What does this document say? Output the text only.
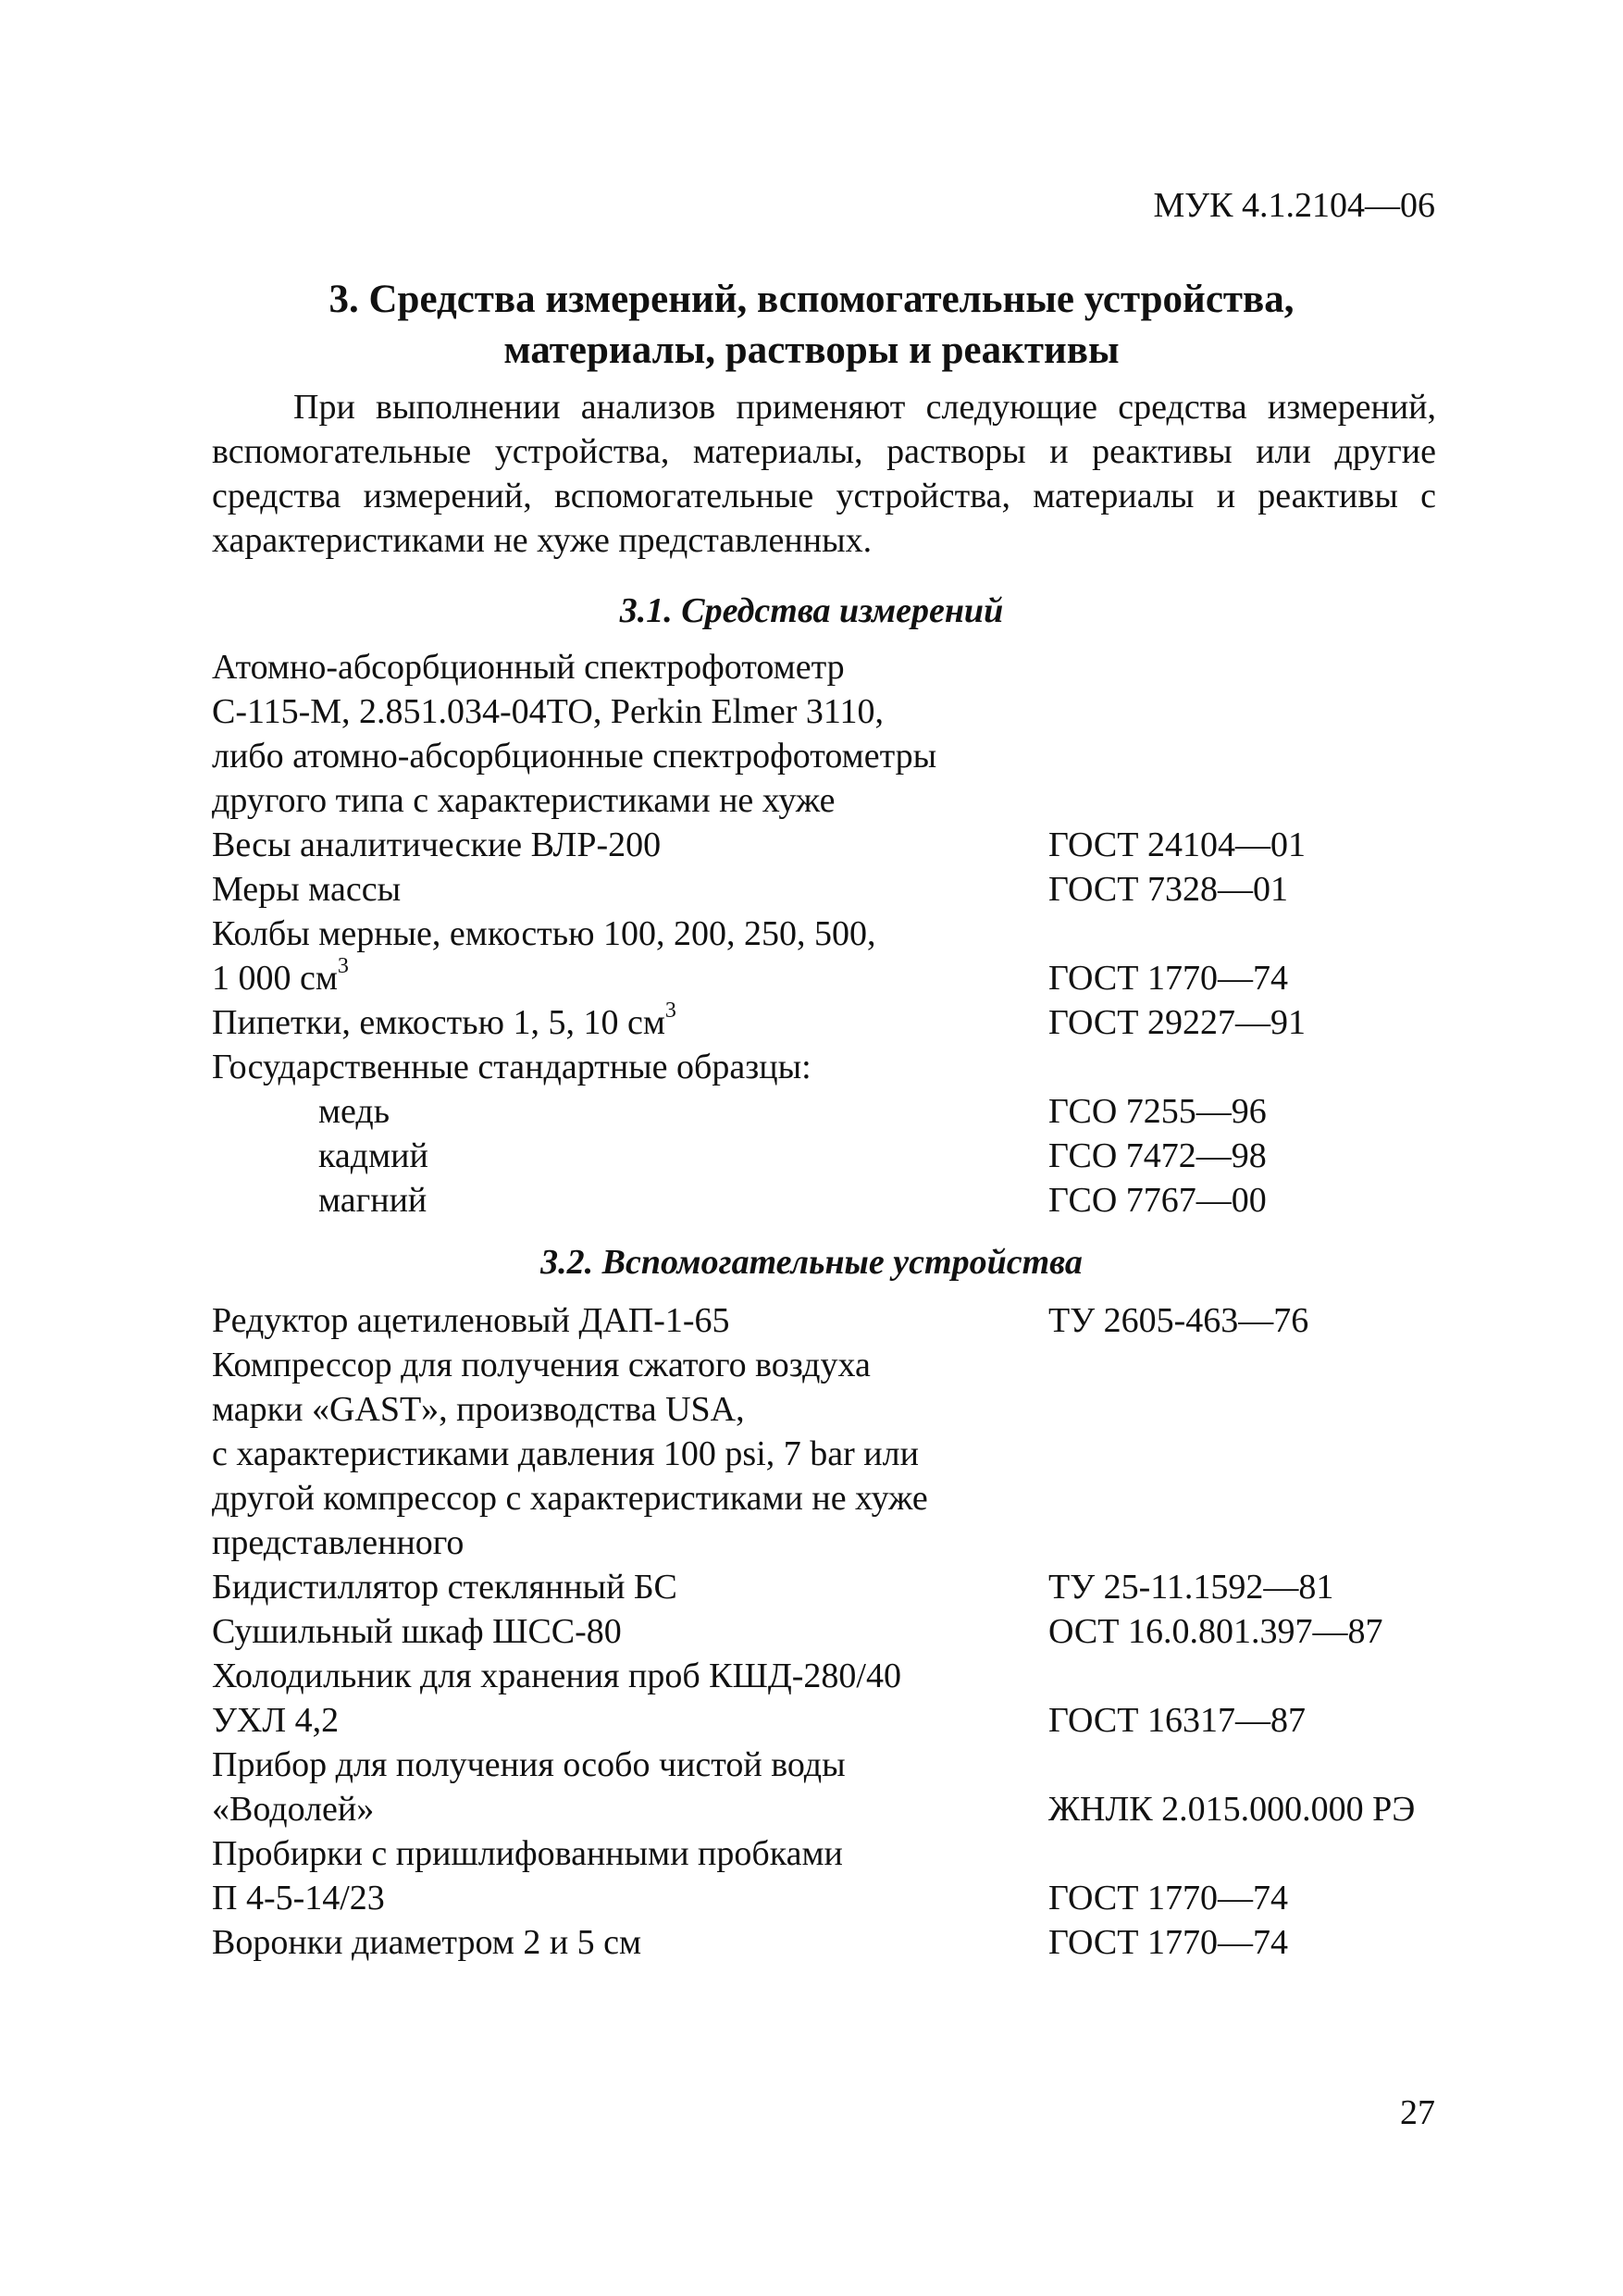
МУК 4.1.2104—06
3. Средства измерений, вспомогательные устройства,
материалы, растворы и реактивы

При выполнении анализов применяют следующие средства измерений, вспомогательные устройства, материалы, растворы и реактивы или другие средства измерений, вспомогательные устройства, материалы и реактивы с характеристиками не хуже представленных.

3.1. Средства измерений
Атомно-абсорбционный спектрофотометр
С-115-М, 2.851.034-04ТО, Perkin Elmer 3110,
либо атомно-абсорбционные спектрофотометры
другого типа с характеристиками не хуже
Весы аналитические ВЛР-200	ГОСТ 24104—01
Меры массы	ГОСТ 7328—01
Колбы мерные, емкостью 100, 200, 250, 500,
1 000 $см^3$	ГОСТ 1770—74
Пипетки, емкостью 1, 5, 10 $см^3$	ГОСТ 29227—91
Государственные стандартные образцы:
медь	ГСО 7255—96
кадмий	ГСО 7472—98
магний	ГСО 7767—00
3.2. Вспомогательные устройства
Редуктор ацетиленовый ДАП-1-65	ТУ 2605-463—76
Компрессор для получения сжатого воздуха
марки «GAST», производства USA,
с характеристиками давления 100 psi, 7 bar или
другой компрессор с характеристиками не хуже
представленного
Бидистиллятор стеклянный БС	ТУ 25-11.1592—81
Сушильный шкаф ШСС-80	ОСТ 16.0.801.397—87
Холодильник для хранения проб КШД-280/40
УХЛ 4,2	ГОСТ 16317—87
Прибор для получения особо чистой воды
«Водолей»	ЖНЛК 2.015.000.000 РЭ
Пробирки с пришлифованными пробками
П 4-5-14/23	ГОСТ 1770—74
Воронки диаметром 2 и 5 см	ГОСТ 1770—74
27
